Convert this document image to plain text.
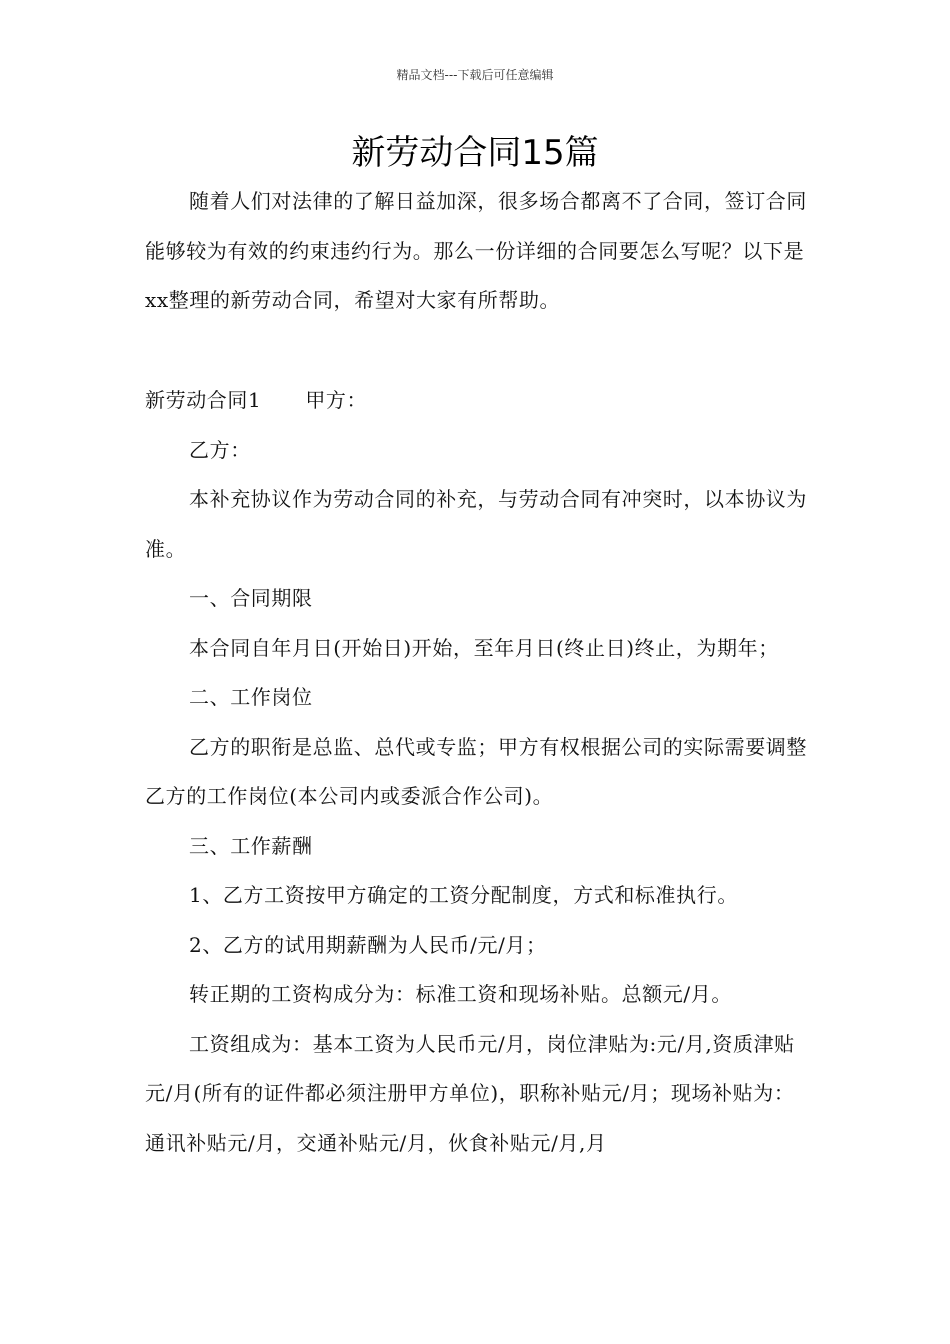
精品文档---下载后可任意编辑
新劳动合同15篇

随着人们对法律的了解日益加深，很多场合都离不了合同，签订合同能够较为有效的约束违约行为。那么一份详细的合同要怎么写呢？以下是xx整理的新劳动合同，希望对大家有所帮助。

新劳动合同1 甲方：

乙方：

本补充协议作为劳动合同的补充，与劳动合同有冲突时，以本协议为准。

一、合同期限

本合同自年月日(开始日)开始，至年月日(终止日)终止，为期年；

二、工作岗位

乙方的职衔是总监、总代或专监；甲方有权根据公司的实际需要调整乙方的工作岗位(本公司内或委派合作公司)。

三、工作薪酬

1、乙方工资按甲方确定的工资分配制度，方式和标准执行。

2、乙方的试用期薪酬为人民币/元/月；

转正期的工资构成分为：标准工资和现场补贴。总额元/月。

工资组成为：基本工资为人民币元/月，岗位津贴为:元/月,资质津贴元/月(所有的证件都必须注册甲方单位)，职称补贴元/月；现场补贴为：通讯补贴元/月，交通补贴元/月，伙食补贴元/月,月
